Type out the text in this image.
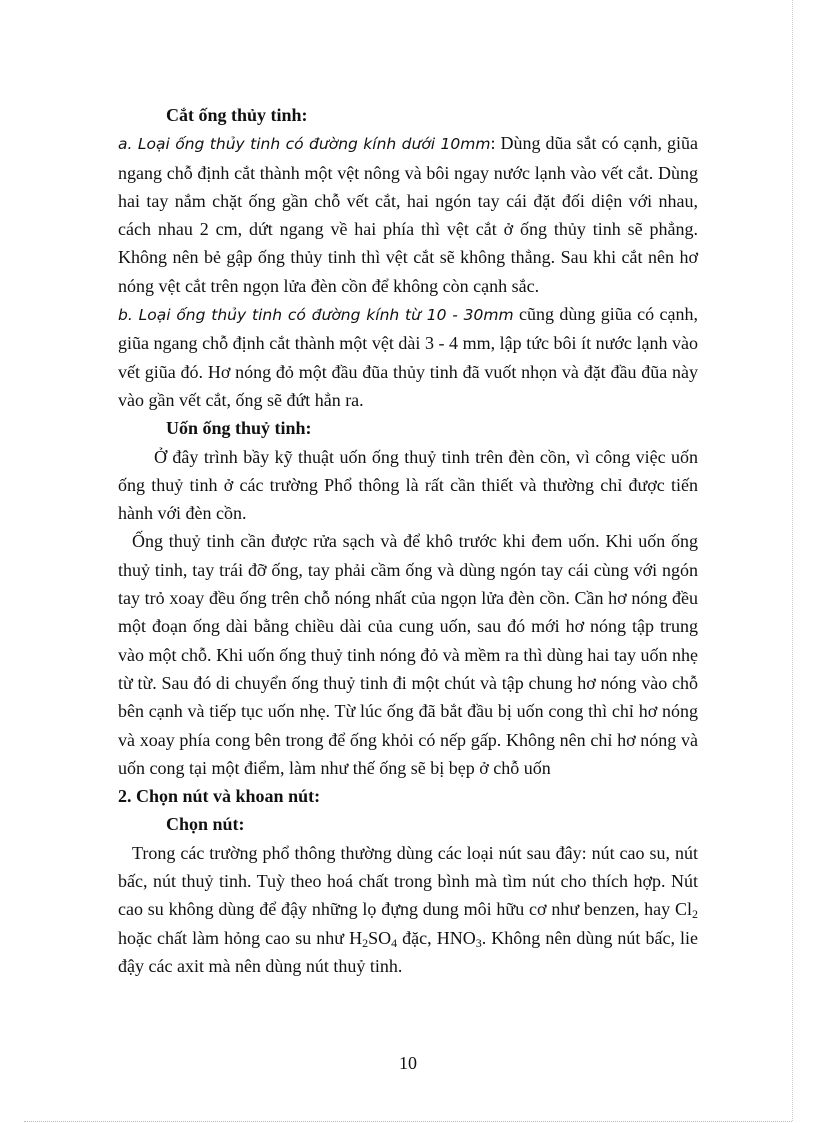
Cắt ống thủy tinh:

a. Loại ống thủy tinh có đường kính dưới 10mm: Dùng dũa sắt có cạnh, giũa ngang chỗ định cắt thành một vệt nông và bôi ngay nước lạnh vào vết cắt. Dùng hai tay nắm chặt ống gần chỗ vết cắt, hai ngón tay cái đặt đối diện với nhau, cách nhau 2 cm, dứt ngang về hai phía thì vệt cắt ở ống thủy tinh sẽ phẳng. Không nên bẻ gập ống thủy tinh thì vệt cắt sẽ không thẳng. Sau khi cắt nên hơ nóng vệt cắt trên ngọn lửa đèn cồn để không còn cạnh sắc.

b. Loại ống thủy tinh có đường kính từ 10 - 30mm cũng dùng giũa có cạnh, giũa ngang chỗ định cắt thành một vệt dài 3 - 4 mm, lập tức bôi ít nước lạnh vào vết giũa đó. Hơ nóng đỏ một đầu đũa thủy tinh đã vuốt nhọn và đặt đầu đũa này vào gần vết cắt, ống sẽ đứt hẳn ra.

Uốn ống thuỷ tinh:

Ở đây trình bầy kỹ thuật uốn ống thuỷ tinh trên đèn cồn, vì công việc uốn ống thuỷ tinh ở các trường Phổ thông là rất cần thiết và thường chỉ được tiến hành với đèn cồn.

Ống thuỷ tinh cần được rửa sạch và để khô trước khi đem uốn. Khi uốn ống thuỷ tinh, tay trái đỡ ống, tay phải cầm ống và dùng ngón tay cái cùng với ngón tay trỏ xoay đều ống trên chỗ nóng nhất của ngọn lửa đèn cồn. Cần hơ nóng đều một đoạn ống dài bằng chiều dài của cung uốn, sau đó mới hơ nóng tập trung vào một chỗ. Khi uốn ống thuỷ tinh nóng đỏ và mềm ra thì dùng hai tay uốn nhẹ từ từ. Sau đó di chuyển ống thuỷ tinh đi một chút và tập chung hơ nóng vào chỗ bên cạnh và tiếp tục uốn nhẹ. Từ lúc ống đã bắt đầu bị uốn cong thì chỉ hơ nóng và xoay phía cong bên trong để ống khỏi có nếp gấp. Không nên chỉ hơ nóng và uốn cong tại một điểm, làm như thế ống sẽ bị bẹp ở chỗ uốn

2. Chọn nút và khoan nút:

Chọn nút:

Trong các trường phổ thông thường dùng các loại nút sau đây: nút cao su, nút bấc, nút thuỷ tinh. Tuỳ theo hoá chất trong bình mà tìm nút cho thích hợp. Nút cao su không dùng để đậy những lọ đựng dung môi hữu cơ như benzen, hay $Cl_2$ hoặc chất làm hỏng cao su như $H_2SO_4$ đặc, $HNO_3$. Không nên dùng nút bấc, lie đậy các axit mà nên dùng nút thuỷ tinh.

10
